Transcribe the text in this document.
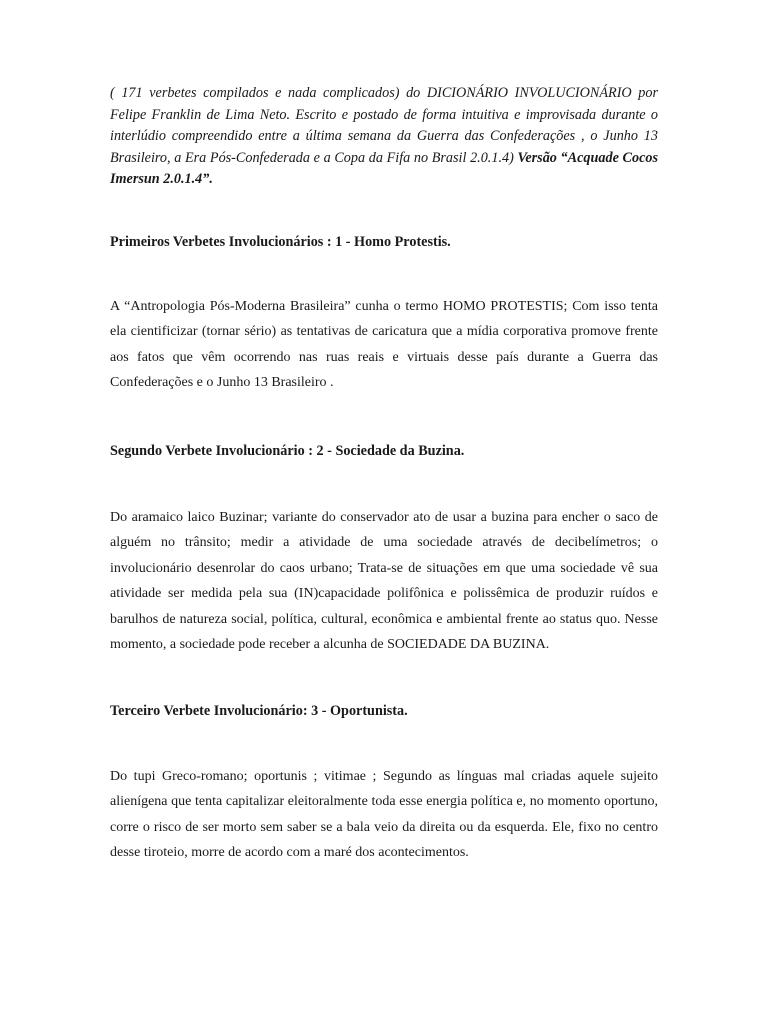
( 171 verbetes compilados e nada complicados) do DICIONÁRIO INVOLUCIONÁRIO por Felipe Franklin de Lima Neto. Escrito e postado de forma intuitiva e improvisada durante o interlúdio compreendido entre a última semana da Guerra das Confederações , o Junho 13 Brasileiro, a Era Pós-Confederada e a Copa da Fifa no Brasil 2.0.1.4) Versão “Acquade Cocos Imersun 2.0.1.4”.

Primeiros Verbetes Involucionários : 1 - Homo Protestis.

A “Antropologia Pós-Moderna Brasileira” cunha o termo HOMO PROTESTIS; Com isso tenta ela cientificizar (tornar sério) as tentativas de caricatura que a mídia corporativa promove frente aos fatos que vêm ocorrendo nas ruas reais e virtuais desse país durante a Guerra das Confederações e o Junho 13 Brasileiro .

Segundo Verbete Involucionário : 2 - Sociedade da Buzina.

Do aramaico laico Buzinar; variante do conservador ato de usar a buzina para encher o saco de alguém no trânsito; medir a atividade de uma sociedade através de decibelímetros; o involucionário desenrolar do caos urbano; Trata-se de situações em que uma sociedade vê sua atividade ser medida pela sua (IN)capacidade polifônica e polissêmica de produzir ruídos e barulhos de natureza social, política, cultural, econômica e ambiental frente ao status quo. Nesse momento, a sociedade pode receber a alcunha de SOCIEDADE DA BUZINA.

Terceiro Verbete Involucionário: 3 - Oportunista.

Do tupi Greco-romano; oportunis ; vitimae ; Segundo as línguas mal criadas aquele sujeito alienígena que tenta capitalizar eleitoralmente toda esse energia política e, no momento oportuno, corre o risco de ser morto sem saber se a bala veio da direita ou da esquerda. Ele, fixo no centro desse tiroteio, morre de acordo com a maré dos acontecimentos.
